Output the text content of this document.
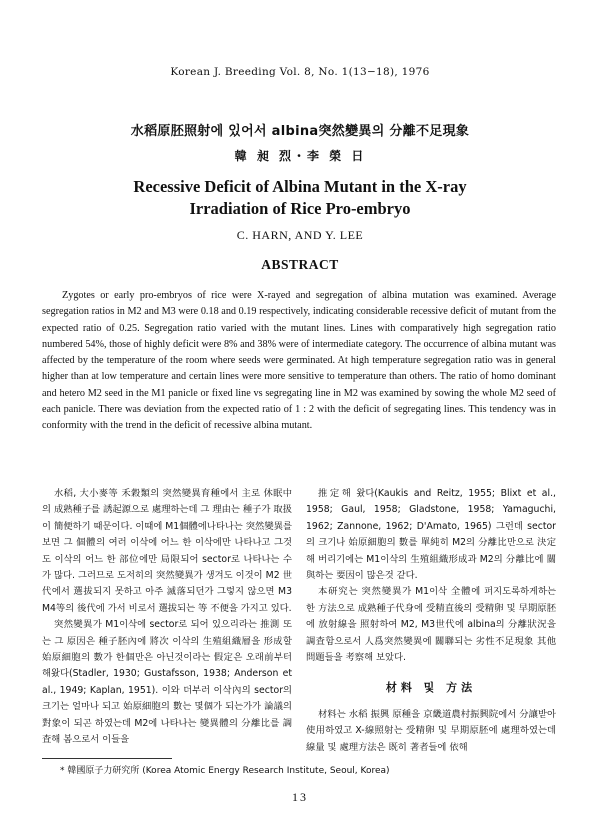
Korean J. Breeding Vol. 8, No. 1(13−18), 1976
水稻原胚照射에 있어서 albina突然變異의 分離不足現象
韓 昶 烈・李 榮 日
Recessive Deficit of Albina Mutant in the X-ray
Irradiation of Rice Pro-embryo
C. HARN, AND Y. LEE
ABSTRACT
Zygotes or early pro-embryos of rice were X-rayed and segregation of albina mutation was examined. Average segregation ratios in M2 and M3 were 0.18 and 0.19 respectively, indicating considerable recessive deficit of mutant from the expected ratio of 0.25. Segregation ratio varied with the mutant lines. Lines with comparatively high segregation ratio numbered 54%, those of highly deficit were 8% and 38% were of intermediate category. The occurrence of albina mutant was affected by the temperature of the room where seeds were germinated. At high temperature segregation ratio was in general higher than at low temperature and certain lines were more sensitive to temperature than others. The ratio of homo dominant and hetero M2 seed in the M1 panicle or fixed line vs segregating line in M2 was examined by sowing the whole M2 seed of each panicle. There was deviation from the expected ratio of 1 : 2 with the deficit of segregating lines. This tendency was in conformity with the trend in the deficit of recessive albina mutant.

水稻, 大小麥等 禾穀類의 突然變異育種에서 主로 休眠中의 成熟種子를 誘起源으로 處理하는데 그 理由는 種子가 取扱이 簡便하기 때문이다. 이때에 M1個體에나타나는 突然變異를 보면 그 個體의 여러 이삭에 어느 한 이삭에만 나타나고 그것도 이삭의 어느 한 部位에만 局限되어 sector로 나타나는 수가 많다. 그러므로 도저히의 突然變異가 생겨도 이것이 M2 世代에서 選拔되지 못하고 아주 滅落되던가 그렇지 않으면 M3 M4等의 後代에 가서 비로서 選拔되는 等 不便을 가지고 있다.

突然變異가 M1이삭에 sector로 되어 있으리라는 推測 또는 그 原因은 種子胚內에 將次 이삭의 生殖組織層을 形成할 始原細胞의 數가 한個만은 아닌것이라는 假定은 오래前부터 해왔다(Stadler, 1930; Gustafsson, 1938; Anderson et al., 1949; Kaplan, 1951). 이와 더부러 이삭內의 sector의 크기는 얼마나 되고 始原細胞의 數는 몇個가 되는가가 論議의 對象이 되곤 하였는데 M2에 나타나는 變異體의 分離比를 調査해 봄으로서 이들을

推定해 왔다(Kaukis and Reitz, 1955; Blixt et al., 1958; Gaul, 1958; Gladstone, 1958; Yamaguchi, 1962; Zannone, 1962; D'Amato, 1965) 그런데 sector의 크기나 始原細胞의 數를 單純히 M2의 分離比만으로 決定해 버리기에는 M1이삭의 生殖組織形成과 M2의 分離比에 關與하는 要因이 많은것 같다.

本研究는 突然變異가 M1이삭 全體에 퍼지도록하게하는 한 方法으로 成熟種子代身에 受精直後의 受精卵 및 早期原胚에 放射線을 照射하여 M2, M3世代에 albina의 分離狀況을 調査함으로서 人爲突然變異에 關聯되는 劣性不足現象 其他問題들을 考察해 보았다.

材料 및 方法

材料는 水稻 振興 原種을 京畿道農村振興院에서 分讓받아 使用하였고 X-線照射는 受精卵 및 早期原胚에 處理하였는데 線量 및 處理方法은 既히 著者들에 依해

* 韓國原子力研究所 (Korea Atomic Energy Research Institute, Seoul, Korea)
13
